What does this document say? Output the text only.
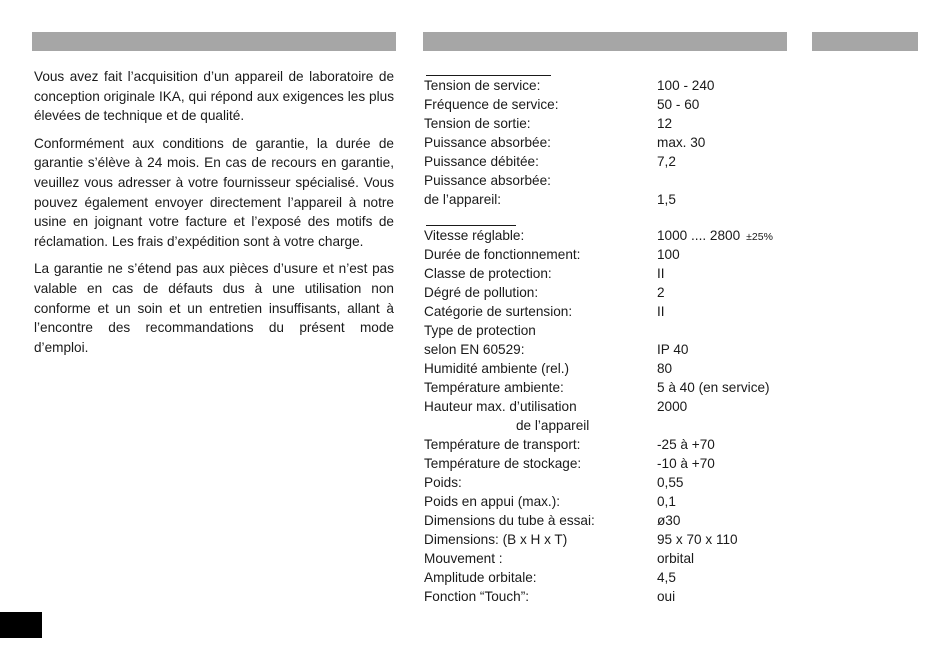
Vous avez fait l’acquisition d’un appareil de laboratoire de conception originale IKA, qui répond aux exigences les plus élevées de technique et de qualité.

Conformément aux conditions de garantie, la durée de garantie s’élève à 24 mois. En cas de recours en garantie, veuillez vous adresser à votre fournisseur spécialisé. Vous pouvez également envoyer directement l’appareil à notre usine en joignant votre facture et l’exposé des motifs de réclamation. Les frais d’expédition sont à votre charge.

La garantie ne s’étend pas aux pièces d’usure et n’est pas valable en cas de défauts dus à une utilisation non conforme et un soin et un entretien insuffisants, allant à l’encontre des recommandations du présent mode d’emploi.

Tension de service:	100 - 240
Fréquence de service:	50 - 60
Tension de sortie:	12
Puissance absorbée:	max. 30
Puissance débitée:	7,2
Puissance absorbée:
de l’appareil:	1,5
Vitesse réglable:	1000 .... 2800 ±25%
Durée de fonctionnement:	100
Classe de protection:	II
Dégré de pollution:	2
Catégorie de surtension:	II
Type de protection
selon EN 60529:	IP 40
Humidité ambiente (rel.)	80
Température ambiente:	5 à 40 (en service)
Hauteur max. d’utilisation	2000
de l’appareil
Température de transport:	-25 à +70
Température de stockage:	-10 à +70
Poids:	0,55
Poids en appui (max.):	0,1
Dimensions du tube à essai:	ø30
Dimensions: (B x H x T)	95 x 70 x 110
Mouvement :	orbital
Amplitude orbitale:	4,5
Fonction “Touch”:	oui
